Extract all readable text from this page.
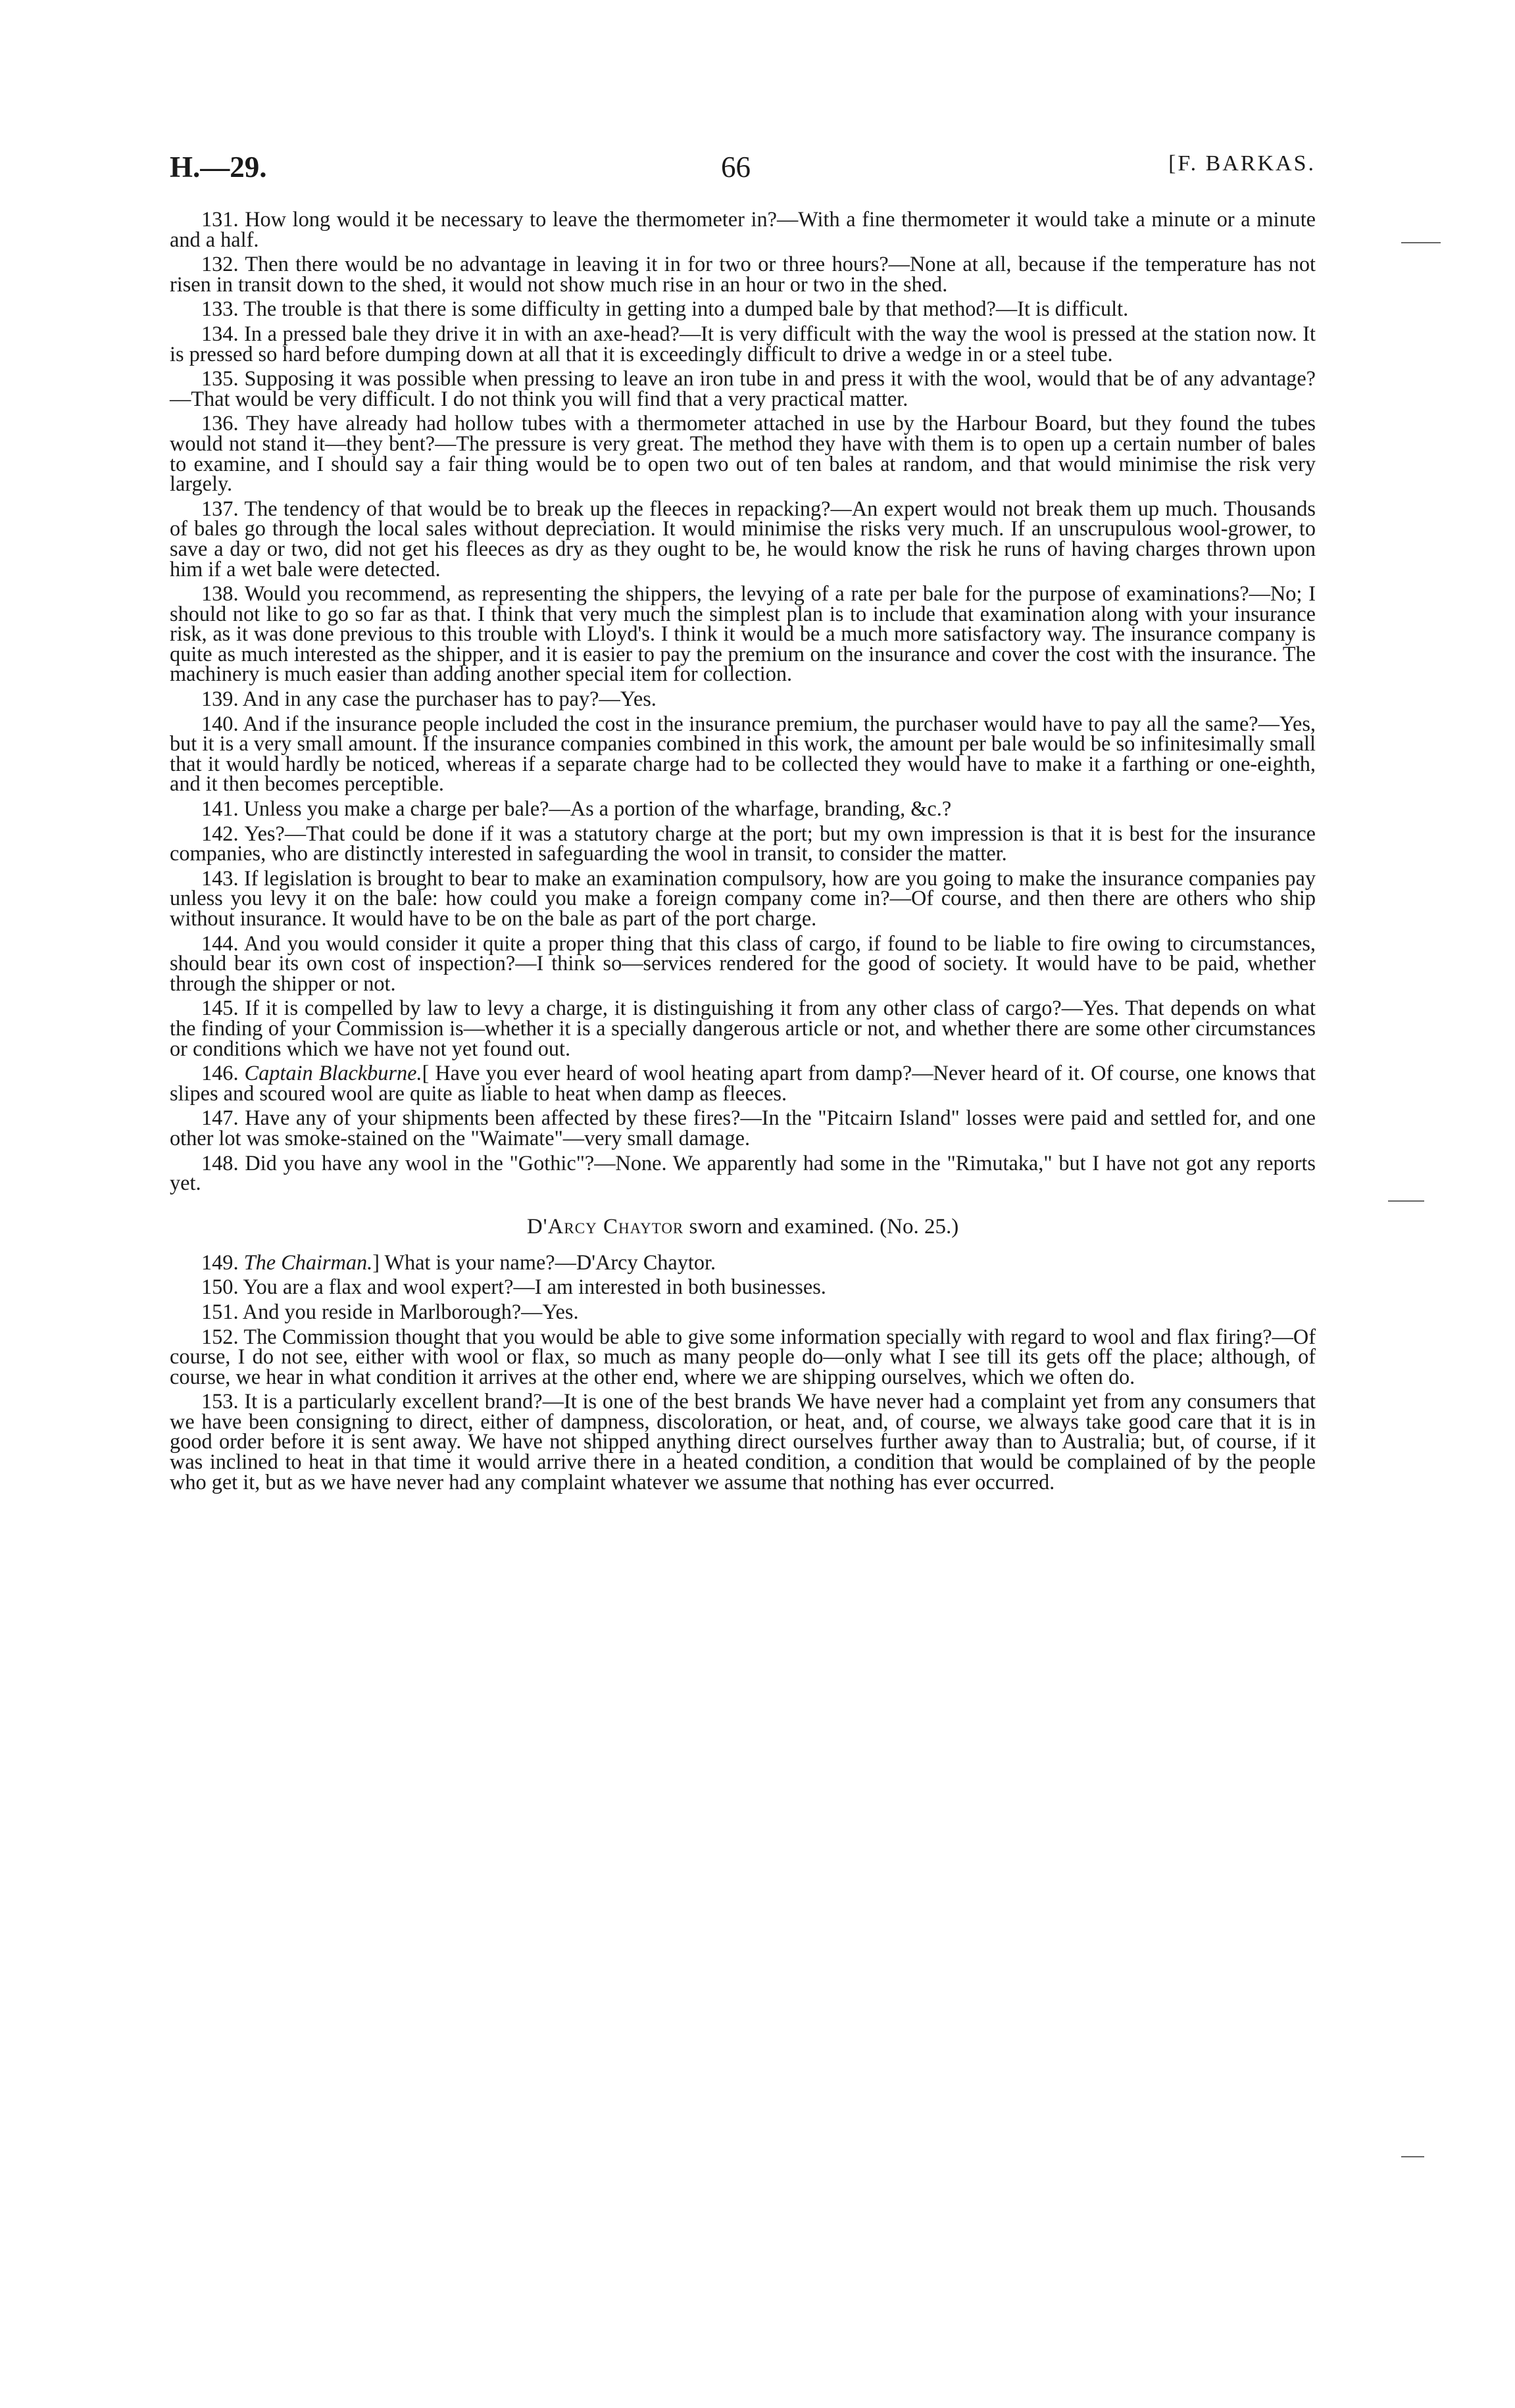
H.—29.	66	[F. BARKAS.

131. How long would it be necessary to leave the thermometer in?—With a fine thermometer it would take a minute or a minute and a half.

132. Then there would be no advantage in leaving it in for two or three hours?—None at all, because if the temperature has not risen in transit down to the shed, it would not show much rise in an hour or two in the shed.

133. The trouble is that there is some difficulty in getting into a dumped bale by that method?—It is difficult.

134. In a pressed bale they drive it in with an axe-head?—It is very difficult with the way the wool is pressed at the station now. It is pressed so hard before dumping down at all that it is exceedingly difficult to drive a wedge in or a steel tube.

135. Supposing it was possible when pressing to leave an iron tube in and press it with the wool, would that be of any advantage?—That would be very difficult. I do not think you will find that a very practical matter.

136. They have already had hollow tubes with a thermometer attached in use by the Harbour Board, but they found the tubes would not stand it—they bent?—The pressure is very great. The method they have with them is to open up a certain number of bales to examine, and I should say a fair thing would be to open two out of ten bales at random, and that would minimise the risk very largely.

137. The tendency of that would be to break up the fleeces in repacking?—An expert would not break them up much. Thousands of bales go through the local sales without depreciation. It would minimise the risks very much. If an unscrupulous wool-grower, to save a day or two, did not get his fleeces as dry as they ought to be, he would know the risk he runs of having charges thrown upon him if a wet bale were detected.

138. Would you recommend, as representing the shippers, the levying of a rate per bale for the purpose of examinations?—No; I should not like to go so far as that. I think that very much the simplest plan is to include that examination along with your insurance risk, as it was done previous to this trouble with Lloyd's. I think it would be a much more satisfactory way. The insurance company is quite as much interested as the shipper, and it is easier to pay the premium on the insurance and cover the cost with the insurance. The machinery is much easier than adding another special item for collection.

139. And in any case the purchaser has to pay?—Yes.

140. And if the insurance people included the cost in the insurance premium, the purchaser would have to pay all the same?—Yes, but it is a very small amount. If the insurance companies combined in this work, the amount per bale would be so infinitesimally small that it would hardly be noticed, whereas if a separate charge had to be collected they would have to make it a farthing or one-eighth, and it then becomes perceptible.

141. Unless you make a charge per bale?—As a portion of the wharfage, branding, &c.?

142. Yes?—That could be done if it was a statutory charge at the port; but my own impression is that it is best for the insurance companies, who are distinctly interested in safeguarding the wool in transit, to consider the matter.

143. If legislation is brought to bear to make an examination compulsory, how are you going to make the insurance companies pay unless you levy it on the bale: how could you make a foreign company come in?—Of course, and then there are others who ship without insurance. It would have to be on the bale as part of the port charge.

144. And you would consider it quite a proper thing that this class of cargo, if found to be liable to fire owing to circumstances, should bear its own cost of inspection?—I think so—services rendered for the good of society. It would have to be paid, whether through the shipper or not.

145. If it is compelled by law to levy a charge, it is distinguishing it from any other class of cargo?—Yes. That depends on what the finding of your Commission is—whether it is a specially dangerous article or not, and whether there are some other circumstances or conditions which we have not yet found out.

146. Captain Blackburne.[ Have you ever heard of wool heating apart from damp?—Never heard of it. Of course, one knows that slipes and scoured wool are quite as liable to heat when damp as fleeces.

147. Have any of your shipments been affected by these fires?—In the "Pitcairn Island" losses were paid and settled for, and one other lot was smoke-stained on the "Waimate"—very small damage.

148. Did you have any wool in the "Gothic"?—None. We apparently had some in the "Rimutaka," but I have not got any reports yet.

D'Arcy Chaytor sworn and examined. (No. 25.)

149. The Chairman.] What is your name?—D'Arcy Chaytor.

150. You are a flax and wool expert?—I am interested in both businesses.

151. And you reside in Marlborough?—Yes.

152. The Commission thought that you would be able to give some information specially with regard to wool and flax firing?—Of course, I do not see, either with wool or flax, so much as many people do—only what I see till its gets off the place; although, of course, we hear in what condition it arrives at the other end, where we are shipping ourselves, which we often do.

153. It is a particularly excellent brand?—It is one of the best brands We have never had a complaint yet from any consumers that we have been consigning to direct, either of dampness, discoloration, or heat, and, of course, we always take good care that it is in good order before it is sent away. We have not shipped anything direct ourselves further away than to Australia; but, of course, if it was inclined to heat in that time it would arrive there in a heated condition, a condition that would be complained of by the people who get it, but as we have never had any complaint whatever we assume that nothing has ever occurred.
